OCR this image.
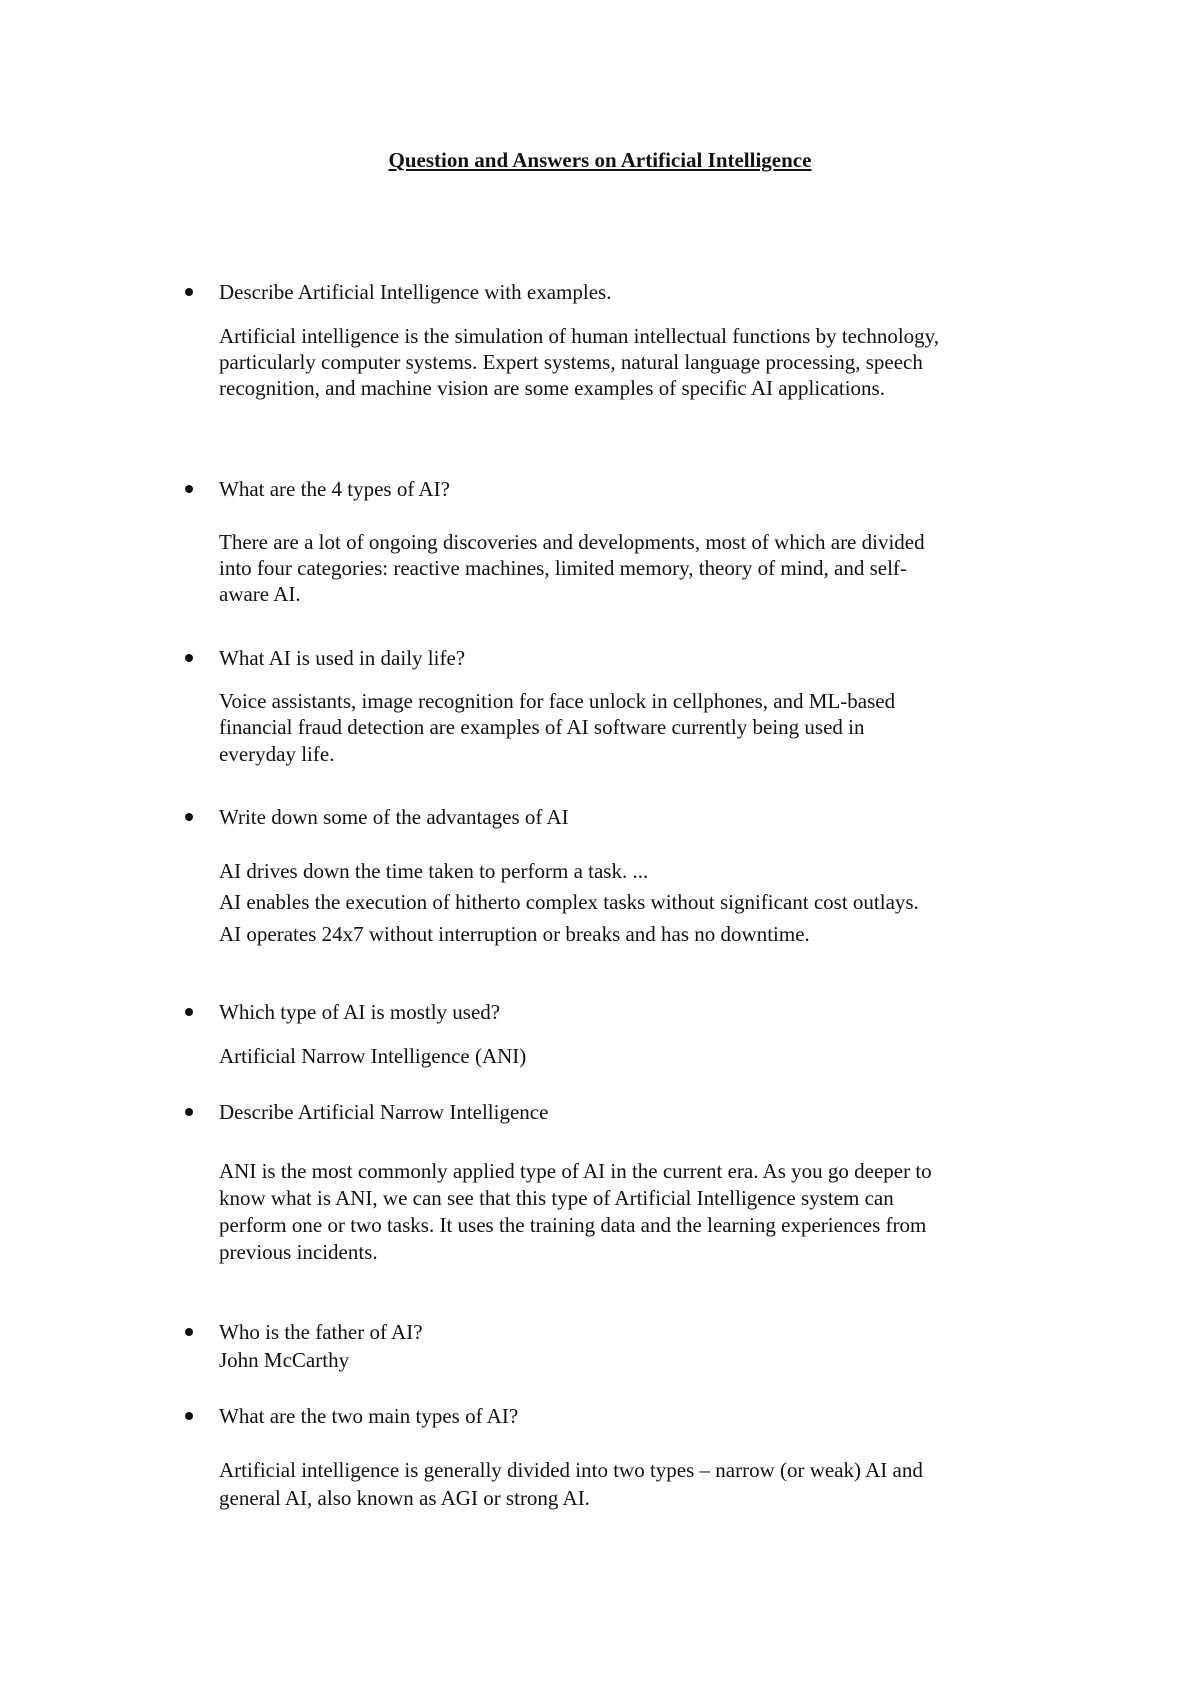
Question and Answers on Artificial Intelligence
Describe Artificial Intelligence with examples.
Artificial intelligence is the simulation of human intellectual functions by technology,
particularly computer systems. Expert systems, natural language processing, speech
recognition, and machine vision are some examples of specific AI applications.
What are the 4 types of AI?
There are a lot of ongoing discoveries and developments, most of which are divided
into four categories: reactive machines, limited memory, theory of mind, and self-
aware AI.
What AI is used in daily life?
Voice assistants, image recognition for face unlock in cellphones, and ML-based
financial fraud detection are examples of AI software currently being used in
everyday life.
Write down some of the advantages of AI
AI drives down the time taken to perform a task. ...
AI enables the execution of hitherto complex tasks without significant cost outlays.
AI operates 24x7 without interruption or breaks and has no downtime.
Which type of AI is mostly used?
Artificial Narrow Intelligence (ANI)
Describe Artificial Narrow Intelligence
ANI is the most commonly applied type of AI in the current era. As you go deeper to
know what is ANI, we can see that this type of Artificial Intelligence system can
perform one or two tasks. It uses the training data and the learning experiences from
previous incidents.
Who is the father of AI?
John McCarthy
What are the two main types of AI?
Artificial intelligence is generally divided into two types – narrow (or weak) AI and
general AI, also known as AGI or strong AI.
